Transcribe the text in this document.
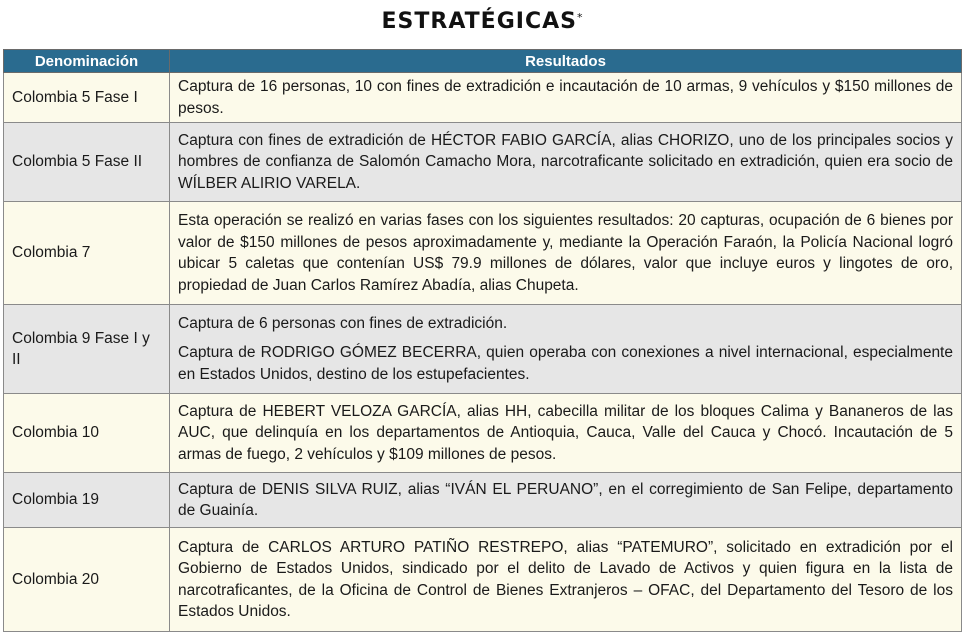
ESTRATÉGICAS*
Denominación	Resultados
Colombia 5 Fase I	Captura de 16 personas, 10 con fines de extradición e incautación de 10 armas, 9 vehículos y $150 millones de pesos.

Colombia 5 Fase II	Captura con fines de extradición de HÉCTOR FABIO GARCÍA, alias CHORIZO, uno de los principales socios y hombres de confianza de Salomón Camacho Mora, narcotraficante solicitado en extradición, quien era socio de WÍLBER ALIRIO VARELA.

Colombia 7	Esta operación se realizó en varias fases con los siguientes resultados: 20 capturas, ocupación de 6 bienes por valor de $150 millones de pesos aproximadamente y, mediante la Operación Faraón, la Policía Nacional logró ubicar 5 caletas que contenían US$ 79.9 millones de dólares, valor que incluye euros y lingotes de oro, propiedad de Juan Carlos Ramírez Abadía, alias Chupeta.

Colombia 9 Fase I y II	Captura de 6 personas con fines de extradición.

Captura de RODRIGO GÓMEZ BECERRA, quien operaba con conexiones a nivel internacional, especialmente en Estados Unidos, destino de los estupefacientes.

Colombia 10	Captura de HEBERT VELOZA GARCÍA, alias HH, cabecilla militar de los bloques Calima y Bananeros de las AUC, que delinquía en los departamentos de Antioquia, Cauca, Valle del Cauca y Chocó. Incautación de 5 armas de fuego, 2 vehículos y $109 millones de pesos.

Colombia 19	Captura de DENIS SILVA RUIZ, alias “IVÁN EL PERUANO”, en el corregimiento de San Felipe, departamento de Guainía.

Colombia 20	Captura de CARLOS ARTURO PATIÑO RESTREPO, alias “PATEMURO”, solicitado en extradición por el Gobierno de Estados Unidos, sindicado por el delito de Lavado de Activos y quien figura en la lista de narcotraficantes, de la Oficina de Control de Bienes Extranjeros – OFAC, del Departamento del Tesoro de los Estados Unidos.
